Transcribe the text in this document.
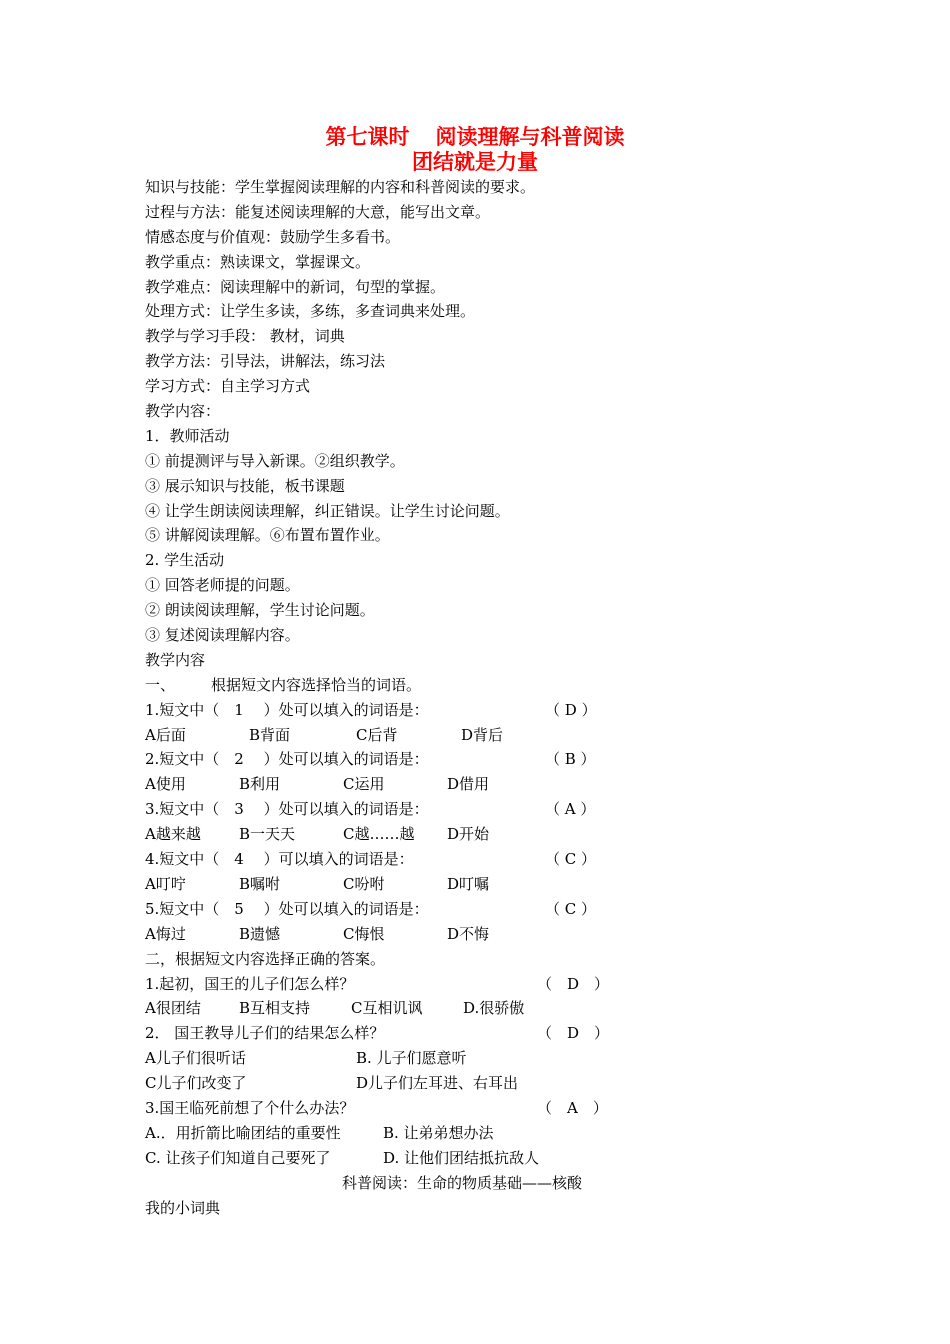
第七课时 阅读理解与科普阅读
团结就是力量
知识与技能：学生掌握阅读理解的内容和科普阅读的要求。
过程与方法：能复述阅读理解的大意，能写出文章。
情感态度与价值观：鼓励学生多看书。
教学重点：熟读课文，掌握课文。
教学难点：阅读理解中的新词，句型的掌握。
处理方式：让学生多读，多练，多查词典来处理。
教学与学习手段： 教材，词典
教学方法：引导法，讲解法，练习法
学习方式：自主学习方式
教学内容：
1．教师活动
① 前提测评与导入新课。②组织教学。
③ 展示知识与技能，板书课题
④ 让学生朗读阅读理解，纠正错误。让学生讨论问题。
⑤ 讲解阅读理解。⑥布置布置作业。
2. 学生活动
① 回答老师提的问题。
② 朗读阅读理解，学生讨论问题。
③ 复述阅读理解内容。
教学内容
一、 根据短文内容选择恰当的词语。
1.短文中（　1　 ）处可以填入的词语是：	（ D ）
A后面	B背面	C后背	D背后
2.短文中（　2　 ）处可以填入的词语是：	（ B ）
A使用	B利用	C运用	D借用
3.短文中（　3　 ）处可以填入的词语是：	（ A ）
A越来越	B一天天	C越……越 D开始
4.短文中（　4　 ）可以填入的词语是：	（ C ）
A叮咛	B嘱咐	C吩咐	D叮嘱
5.短文中（　5　 ）处可以填入的词语是：	（ C ）
A悔过	B遗憾	C悔恨	D不悔
二，根据短文内容选择正确的答案。
1.起初，国王的儿子们怎么样？	（　D　）
A很团结	B互相支持	C互相讥讽	D.很骄傲
2． 国王教导儿子们的结果怎么样？	（　D　）
A儿子们很听话	B. 儿子们愿意听
C儿子们改变了	D儿子们左耳进、右耳出
3.国王临死前想了个什么办法？	（　A　）
A.．用折箭比喻团结的重要性	B. 让弟弟想办法
C. 让孩子们知道自己要死了	D. 让他们团结抵抗敌人
科普阅读：生命的物质基础——核酸
我的小词典
